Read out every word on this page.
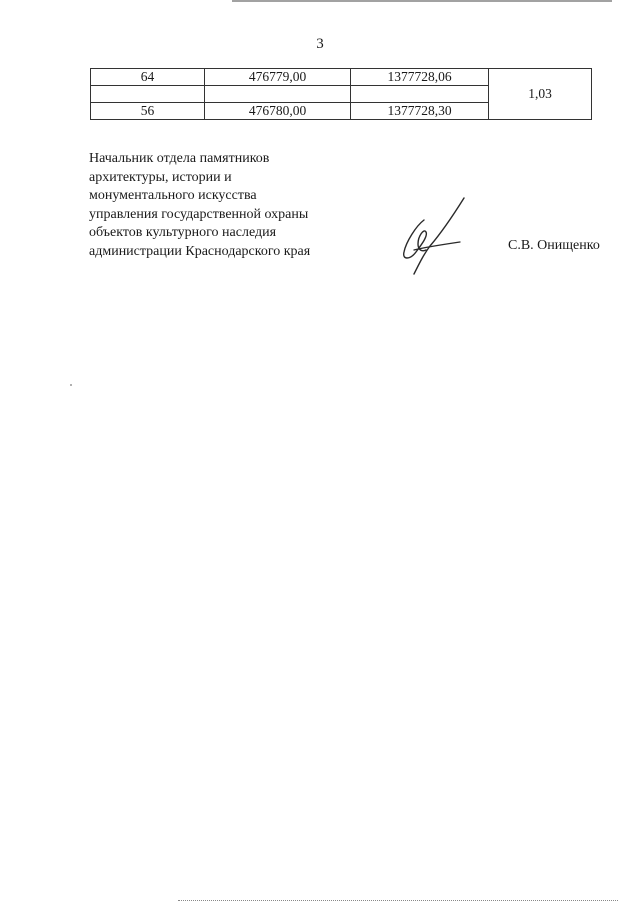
3
64	476779,00	1377728,06	
			1,03
56	476780,00	1377728,30	
Начальник отдела памятников
архитектуры, истории и
монументального искусства
управления государственной охраны
объектов культурного наследия
администрации Краснодарского края	С.В. Онищенко
